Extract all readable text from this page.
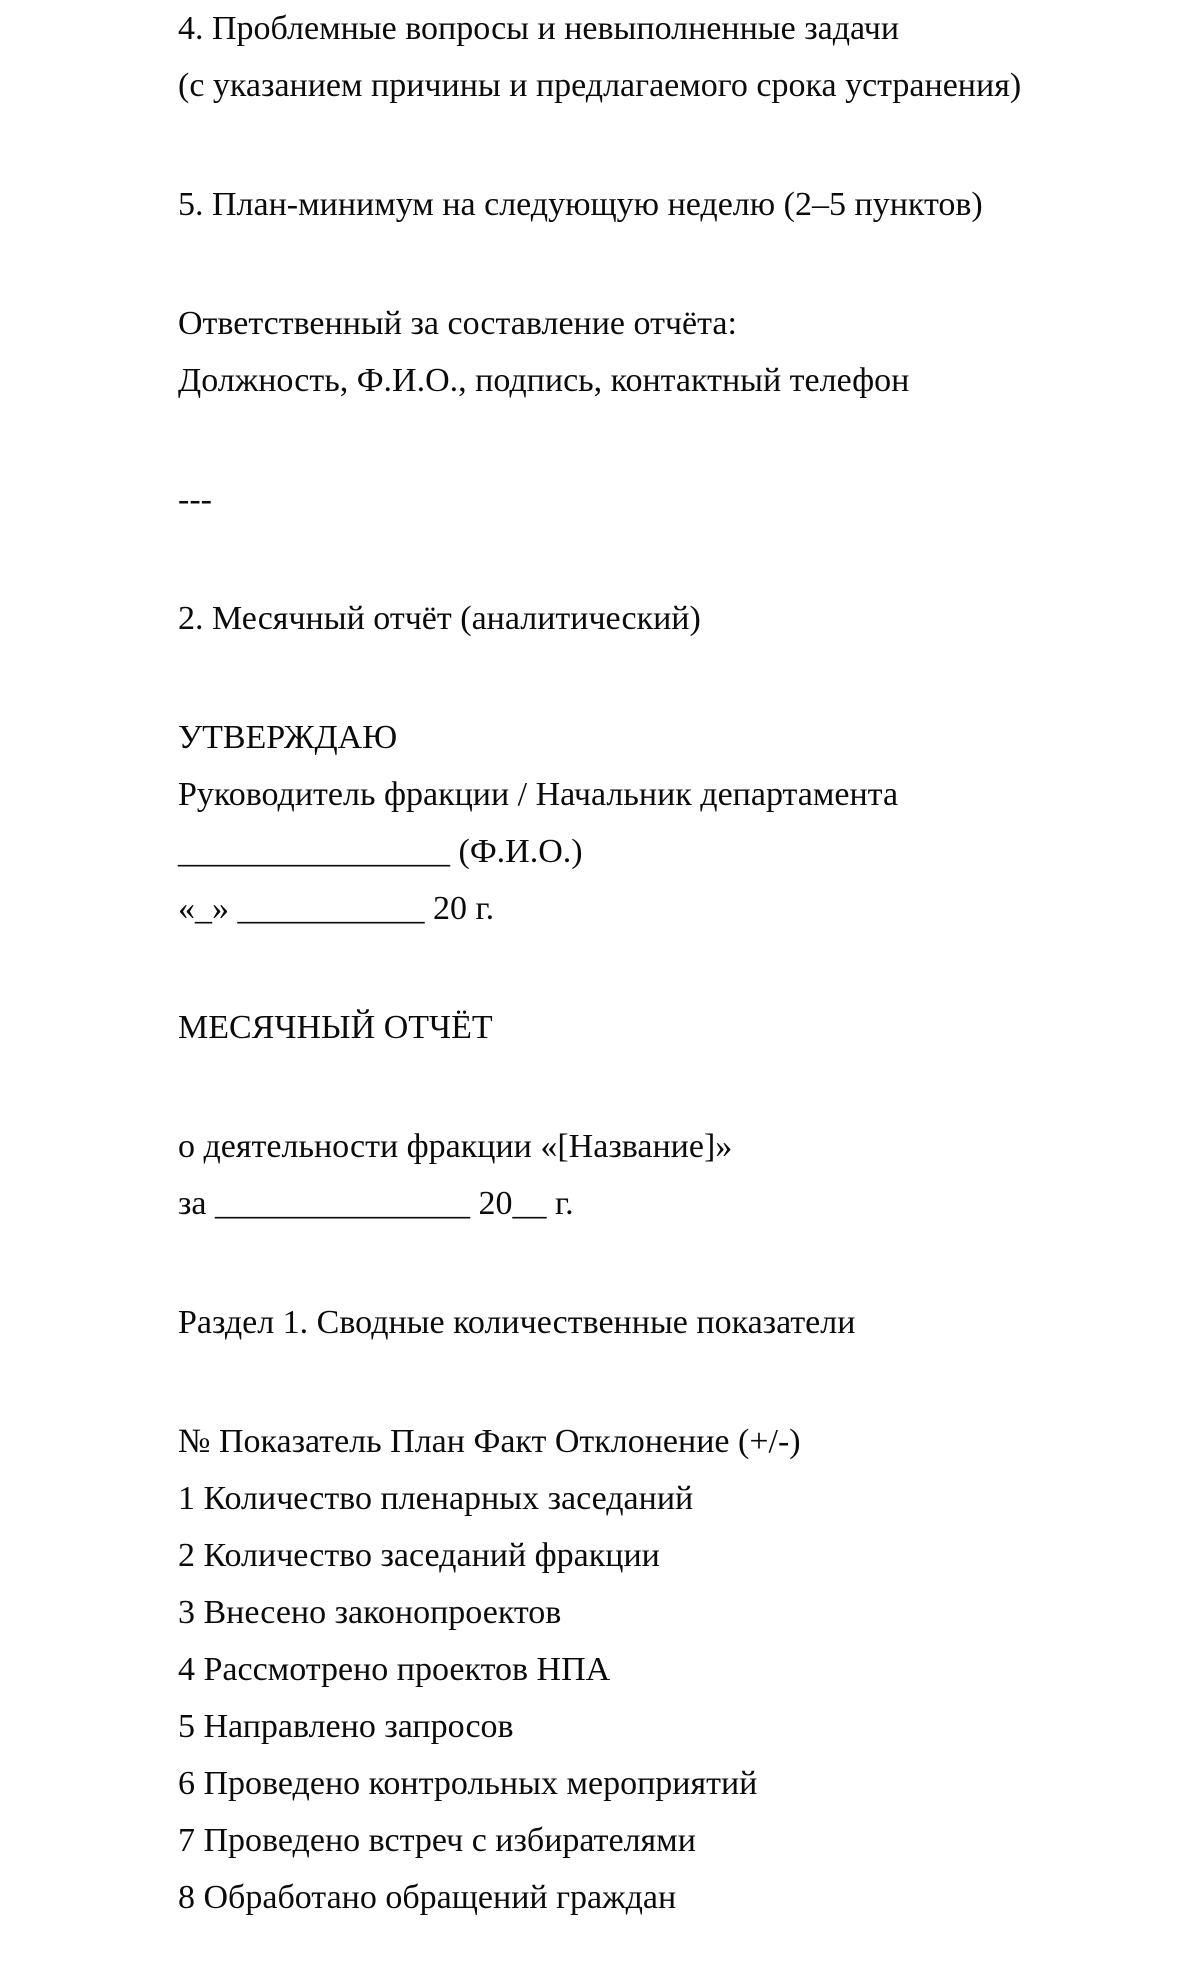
4. Проблемные вопросы и невыполненные задачи
(с указанием причины и предлагаемого срока устранения)
5. План-минимум на следующую неделю (2–5 пунктов)
Ответственный за составление отчёта:
Должность, Ф.И.О., подпись, контактный телефон
---
2. Месячный отчёт (аналитический)
УТВЕРЖДАЮ
Руководитель фракции / Начальник департамента
________________ (Ф.И.О.)
«_» ___________ 20 г.
МЕСЯЧНЫЙ ОТЧЁТ
о деятельности фракции «[Название]»
за _______________ 20__ г.
Раздел 1. Сводные количественные показатели
№ Показатель План Факт Отклонение (+/-)
1 Количество пленарных заседаний
2 Количество заседаний фракции
3 Внесено законопроектов
4 Рассмотрено проектов НПА
5 Направлено запросов
6 Проведено контрольных мероприятий
7 Проведено встреч с избирателями
8 Обработано обращений граждан
